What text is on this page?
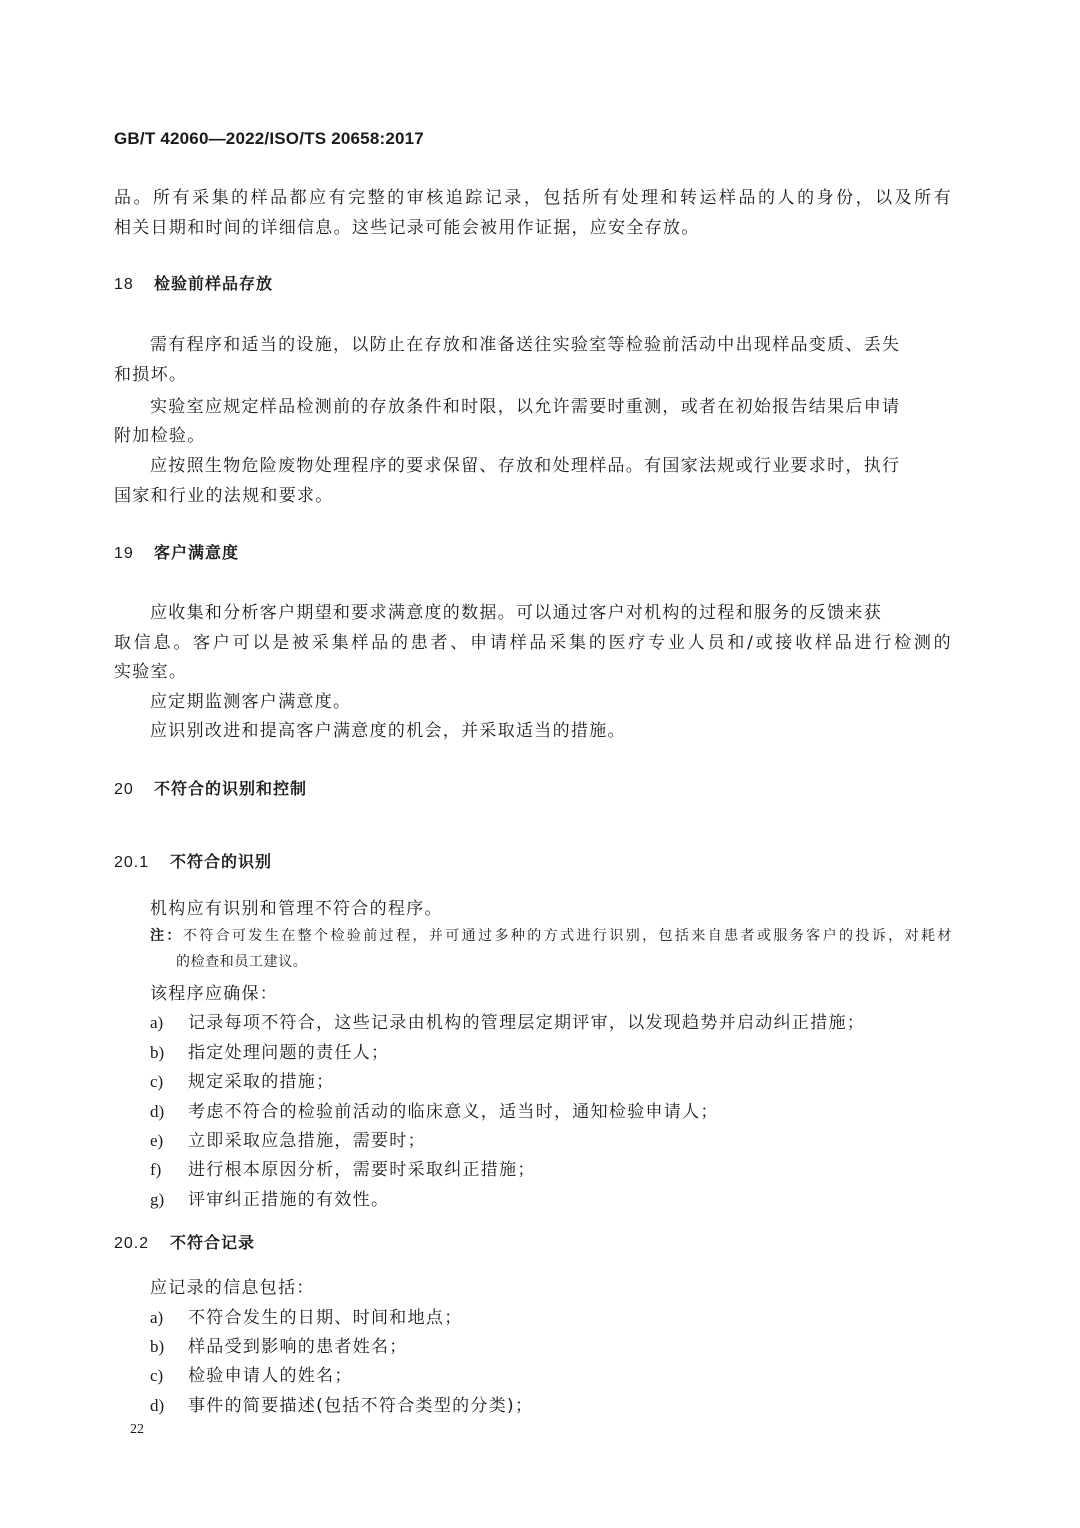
GB/T 42060—2022/ISO/TS 20658:2017
品。所有采集的样品都应有完整的审核追踪记录，包括所有处理和转运样品的人的身份，以及所有
相关日期和时间的详细信息。这些记录可能会被用作证据，应安全存放。
18 检验前样品存放
需有程序和适当的设施，以防止在存放和准备送往实验室等检验前活动中出现样品变质、丢失
和损坏。
实验室应规定样品检测前的存放条件和时限，以允许需要时重测，或者在初始报告结果后申请
附加检验。
应按照生物危险废物处理程序的要求保留、存放和处理样品。有国家法规或行业要求时，执行
国家和行业的法规和要求。
19 客户满意度
应收集和分析客户期望和要求满意度的数据。可以通过客户对机构的过程和服务的反馈来获
取信息。客户可以是被采集样品的患者、申请样品采集的医疗专业人员和/或接收样品进行检测的
实验室。
应定期监测客户满意度。
应识别改进和提高客户满意度的机会，并采取适当的措施。
20 不符合的识别和控制
20.1 不符合的识别
机构应有识别和管理不符合的程序。
注：不符合可发生在整个检验前过程，并可通过多种的方式进行识别，包括来自患者或服务客户的投诉，对耗材
的检查和员工建议。
该程序应确保：
a) 记录每项不符合，这些记录由机构的管理层定期评审，以发现趋势并启动纠正措施；
b) 指定处理问题的责任人；
c) 规定采取的措施；
d) 考虑不符合的检验前活动的临床意义，适当时，通知检验申请人；
e) 立即采取应急措施，需要时；
f) 进行根本原因分析，需要时采取纠正措施；
g) 评审纠正措施的有效性。
20.2 不符合记录
应记录的信息包括：
a) 不符合发生的日期、时间和地点；
b) 样品受到影响的患者姓名；
c) 检验申请人的姓名；
d) 事件的简要描述(包括不符合类型的分类)；
22
